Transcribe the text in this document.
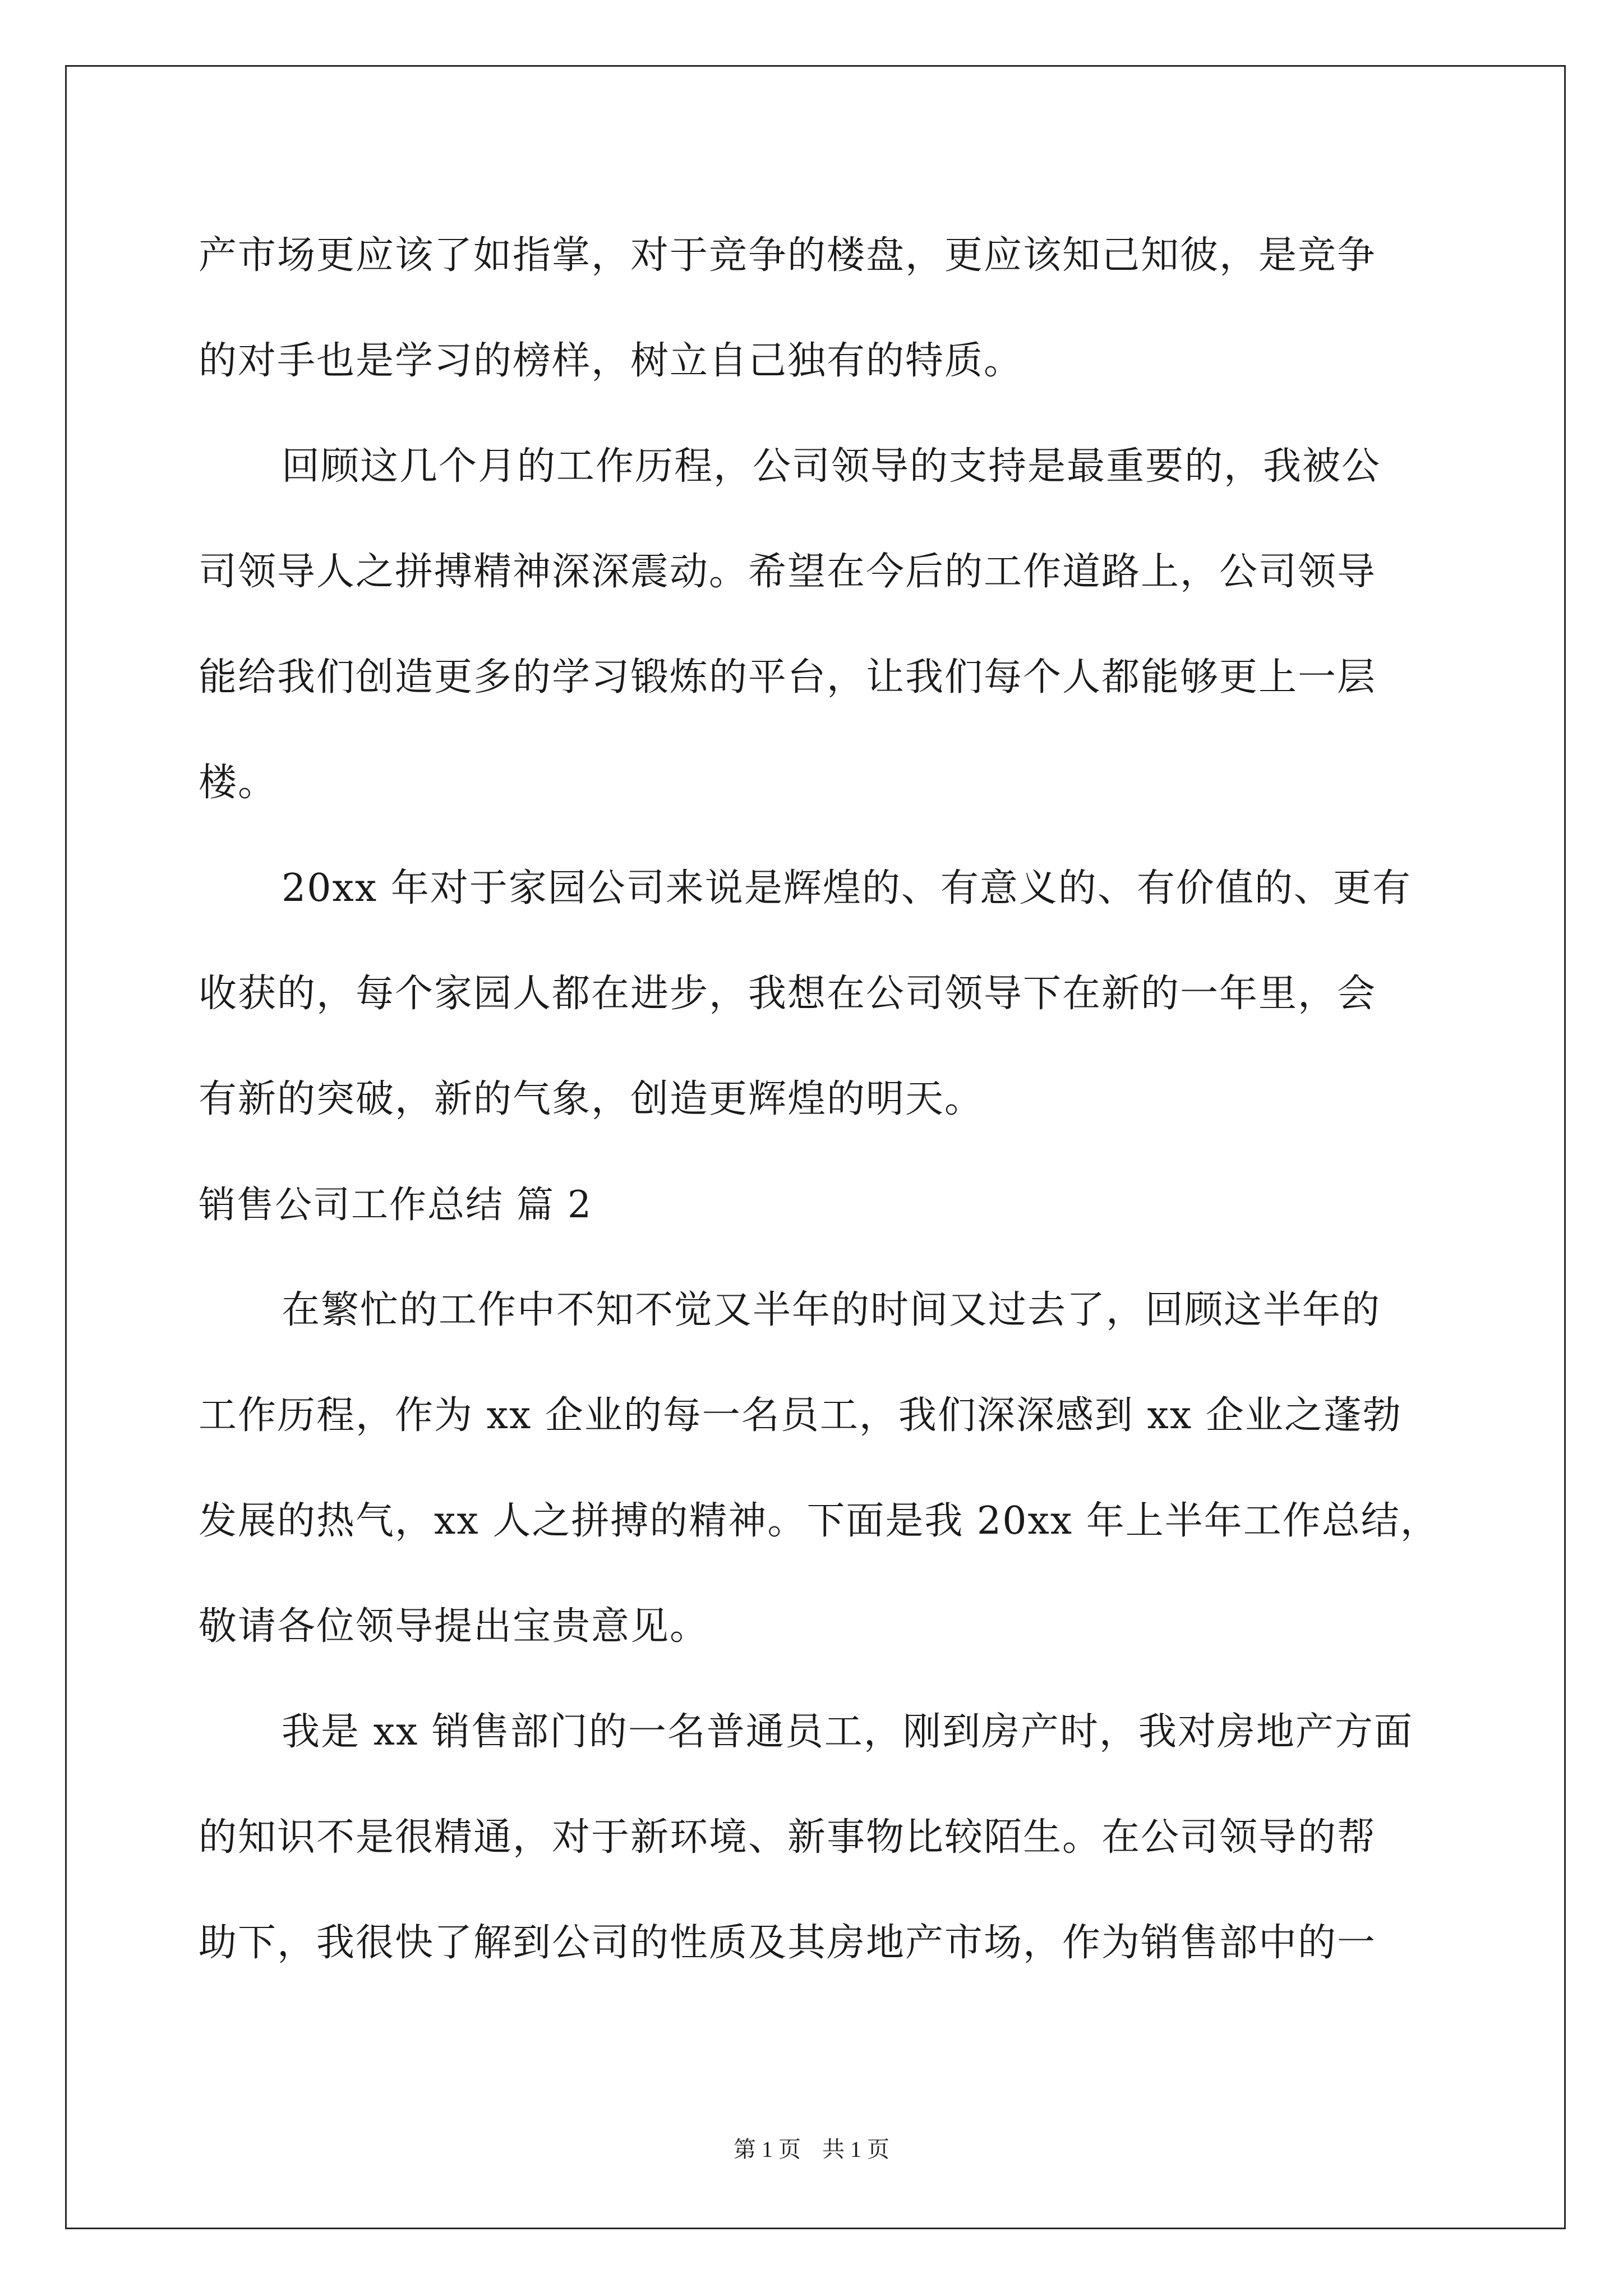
产市场更应该了如指掌，对于竞争的楼盘，更应该知己知彼，是竞争
的对手也是学习的榜样，树立自己独有的特质。
回顾这几个月的工作历程，公司领导的支持是最重要的，我被公
司领导人之拼搏精神深深震动。希望在今后的工作道路上，公司领导
能给我们创造更多的学习锻炼的平台，让我们每个人都能够更上一层
楼。
20xx 年对于家园公司来说是辉煌的、有意义的、有价值的、更有
收获的，每个家园人都在进步，我想在公司领导下在新的一年里，会
有新的突破，新的气象，创造更辉煌的明天。
销售公司工作总结 篇 2
在繁忙的工作中不知不觉又半年的时间又过去了，回顾这半年的
工作历程，作为 xx 企业的每一名员工，我们深深感到 xx 企业之蓬勃
发展的热气，xx 人之拼搏的精神。下面是我 20xx 年上半年工作总结，
敬请各位领导提出宝贵意见。
我是 xx 销售部门的一名普通员工，刚到房产时，我对房地产方面
的知识不是很精通，对于新环境、新事物比较陌生。在公司领导的帮
助下，我很快了解到公司的性质及其房地产市场，作为销售部中的一
第 1 页 共 1 页
